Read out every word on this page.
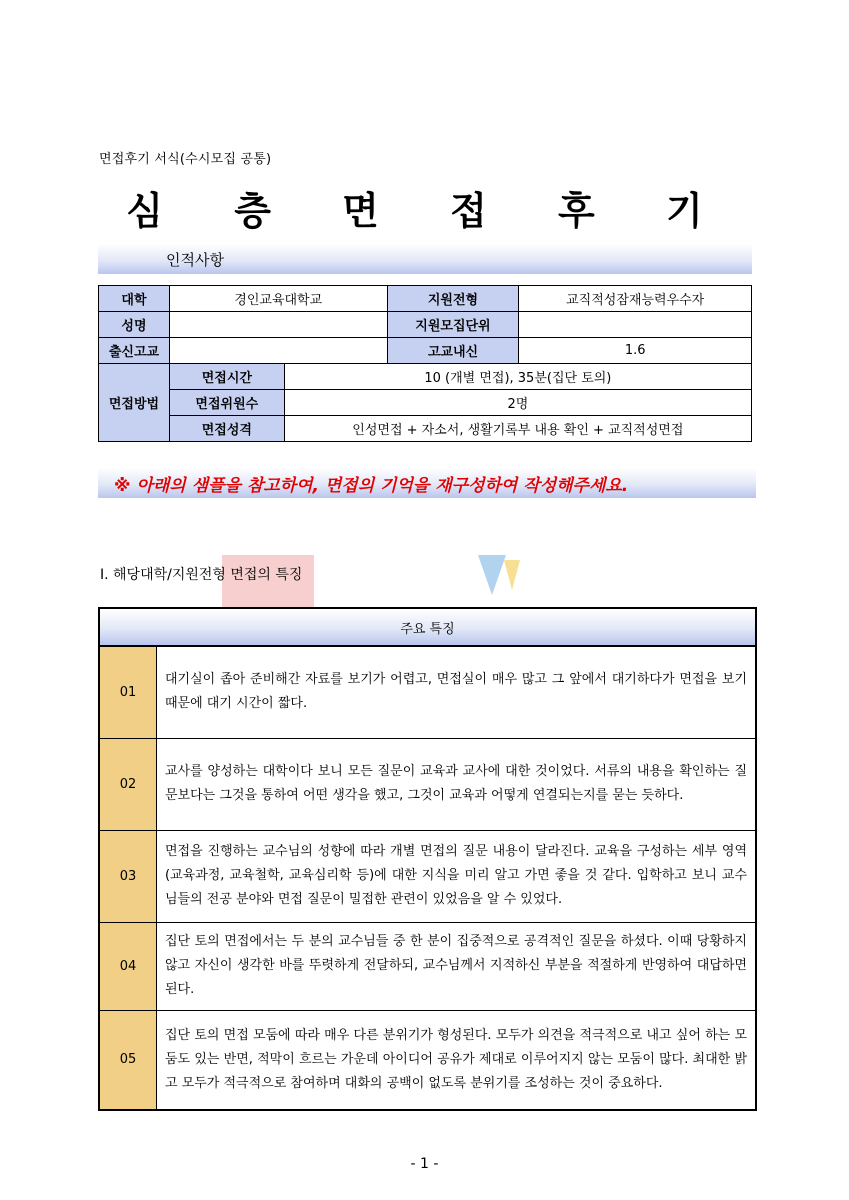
면접후기 서식(수시모집 공통)
심 층 면 접 후 기
인적사항
대학	경인교육대학교		지원전형	교직적성잠재능력우수자
성명			지원모집단위	
출신고교			고교내신	1.6
면접방법	면접시간	10 (개별 면접), 35분(집단 토의)		
	면접위원수	2명		
	면접성격	인성면접 + 자소서, 생활기록부 내용 확인 + 교직적성면접		
※ 아래의 샘플을 참고하여, 면접의 기억을 재구성하여 작성해주세요.
Ⅰ. 해당대학/지원전형 면접의 특징
주요 특징	
01	대기실이 좁아 준비해간 자료를 보기가 어렵고, 면접실이 매우 많고 그 앞에서 대기하다가 면접을 보기 때문에 대기 시간이 짧다.
02	교사를 양성하는 대학이다 보니 모든 질문이 교육과 교사에 대한 것이었다. 서류의 내용을 확인하는 질문보다는 그것을 통하여 어떤 생각을 했고, 그것이 교육과 어떻게 연결되는지를 묻는 듯하다.
03	면접을 진행하는 교수님의 성향에 따라 개별 면접의 질문 내용이 달라진다. 교육을 구성하는 세부 영역(교육과정, 교육철학, 교육심리학 등)에 대한 지식을 미리 알고 가면 좋을 것 같다. 입학하고 보니 교수님들의 전공 분야와 면접 질문이 밀접한 관련이 있었음을 알 수 있었다.
04	집단 토의 면접에서는 두 분의 교수님들 중 한 분이 집중적으로 공격적인 질문을 하셨다. 이때 당황하지 않고 자신이 생각한 바를 뚜렷하게 전달하되, 교수님께서 지적하신 부분을 적절하게 반영하여 대답하면 된다.
05	집단 토의 면접 모둠에 따라 매우 다른 분위기가 형성된다. 모두가 의견을 적극적으로 내고 싶어 하는 모둠도 있는 반면, 적막이 흐르는 가운데 아이디어 공유가 제대로 이루어지지 않는 모둠이 많다. 최대한 밝고 모두가 적극적으로 참여하며 대화의 공백이 없도록 분위기를 조성하는 것이 중요하다.
- 1 -
